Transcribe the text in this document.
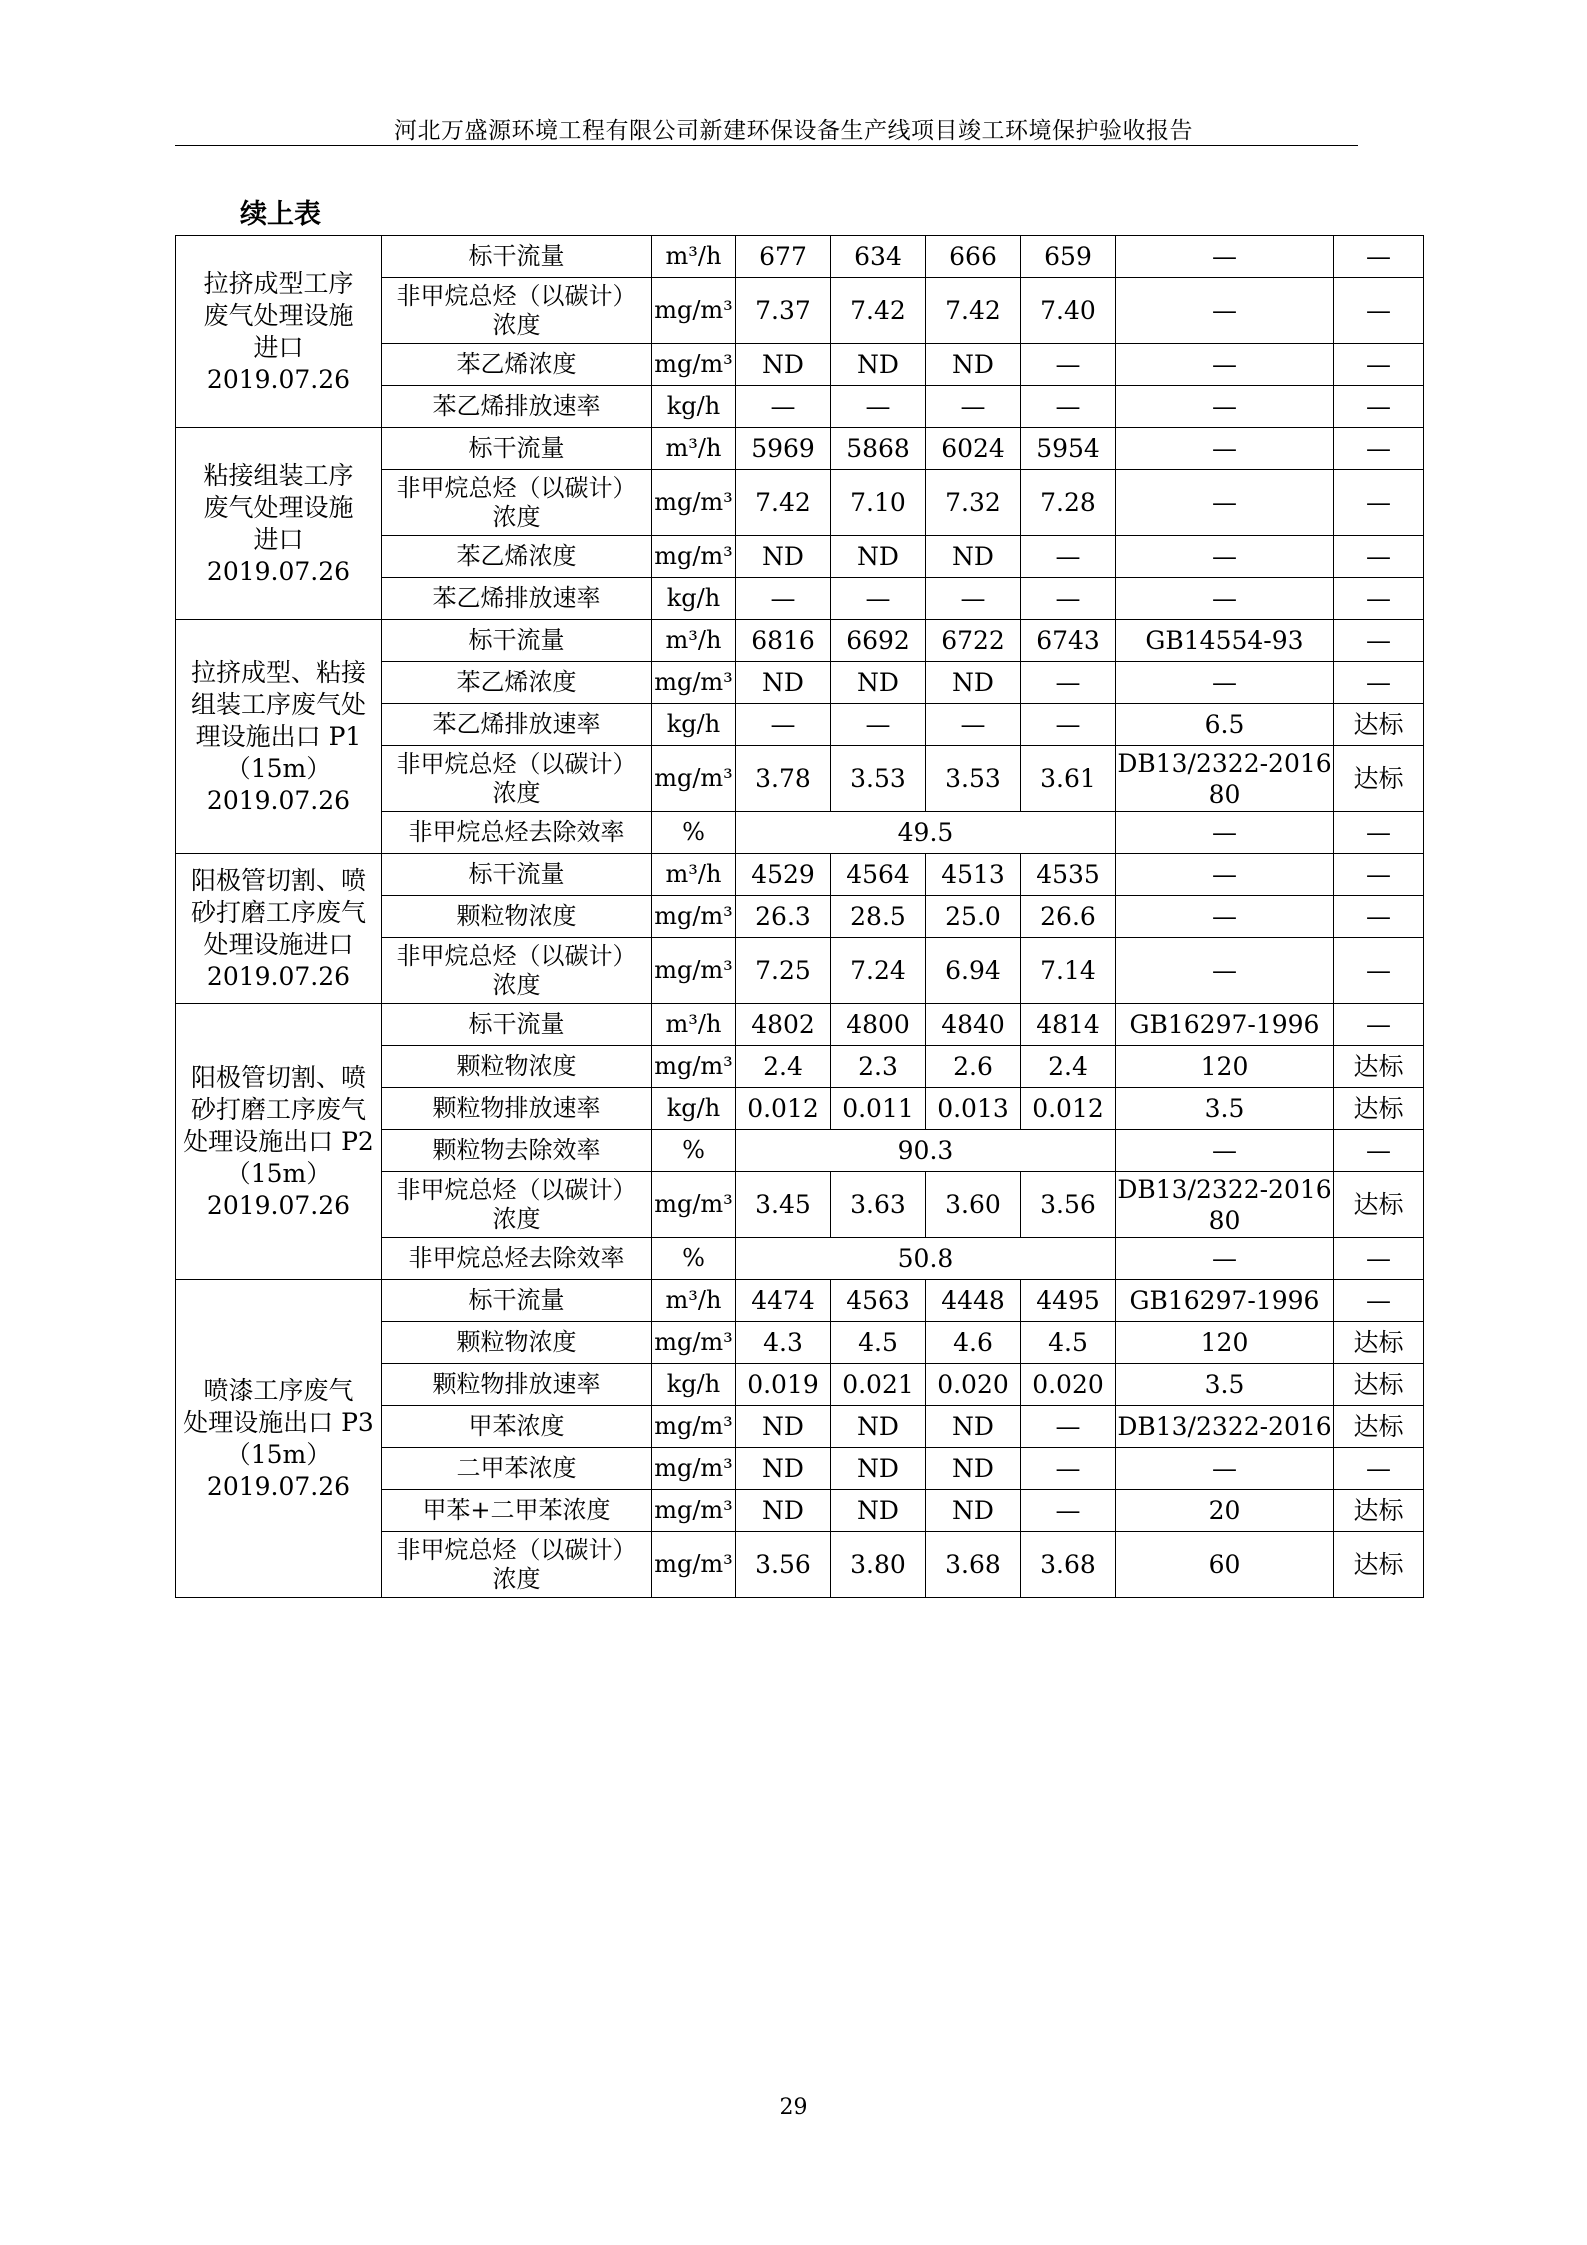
河北万盛源环境工程有限公司新建环保设备生产线项目竣工环境保护验收报告
续上表
拉挤成型工序
废气处理设施
进口
2019.07.26	标干流量	m³/h	677	634	666	659	—	—
	非甲烷总烃（以碳计）
浓度	mg/m³	7.37	7.42	7.42	7.40	—	—
	苯乙烯浓度	mg/m³	ND	ND	ND	—	—	—
	苯乙烯排放速率	kg/h	—	—	—	—	—	—
粘接组装工序
废气处理设施
进口
2019.07.26	标干流量	m³/h	5969	5868	6024	5954	—	—
	非甲烷总烃（以碳计）
浓度	mg/m³	7.42	7.10	7.32	7.28	—	—
	苯乙烯浓度	mg/m³	ND	ND	ND	—	—	—
	苯乙烯排放速率	kg/h	—	—	—	—	—	—
拉挤成型、粘接
组装工序废气处
理设施出口 P1
（15m）
2019.07.26	标干流量	m³/h	6816	6692	6722	6743	GB14554-93	—
	苯乙烯浓度	mg/m³	ND	ND	ND	—	—	—
	苯乙烯排放速率	kg/h	—	—	—	—	6.5	达标
	非甲烷总烃（以碳计）
浓度	mg/m³	3.78	3.53	3.53	3.61	DB13/2322-2016
80	达标
	非甲烷总烃去除效率	%	49.5				—	—
阳极管切割、喷
砂打磨工序废气
处理设施进口
2019.07.26	标干流量	m³/h	4529	4564	4513	4535	—	—
	颗粒物浓度	mg/m³	26.3	28.5	25.0	26.6	—	—
	非甲烷总烃（以碳计）
浓度	mg/m³	7.25	7.24	6.94	7.14	—	—
阳极管切割、喷
砂打磨工序废气
处理设施出口 P2
（15m）
2019.07.26	标干流量	m³/h	4802	4800	4840	4814	GB16297-1996	—
	颗粒物浓度	mg/m³	2.4	2.3	2.6	2.4	120	达标
	颗粒物排放速率	kg/h	0.012	0.011	0.013	0.012	3.5	达标
	颗粒物去除效率	%	90.3				—	—
	非甲烷总烃（以碳计）
浓度	mg/m³	3.45	3.63	3.60	3.56	DB13/2322-2016
80	达标
	非甲烷总烃去除效率	%	50.8				—	—
喷漆工序废气
处理设施出口 P3
（15m）
2019.07.26	标干流量	m³/h	4474	4563	4448	4495	GB16297-1996	—
	颗粒物浓度	mg/m³	4.3	4.5	4.6	4.5	120	达标
	颗粒物排放速率	kg/h	0.019	0.021	0.020	0.020	3.5	达标
	甲苯浓度	mg/m³	ND	ND	ND	—	DB13/2322-2016	达标
	二甲苯浓度	mg/m³	ND	ND	ND	—	—	—
	甲苯+二甲苯浓度	mg/m³	ND	ND	ND	—	20	达标
	非甲烷总烃（以碳计）
浓度	mg/m³	3.56	3.80	3.68	3.68	60	达标
29
